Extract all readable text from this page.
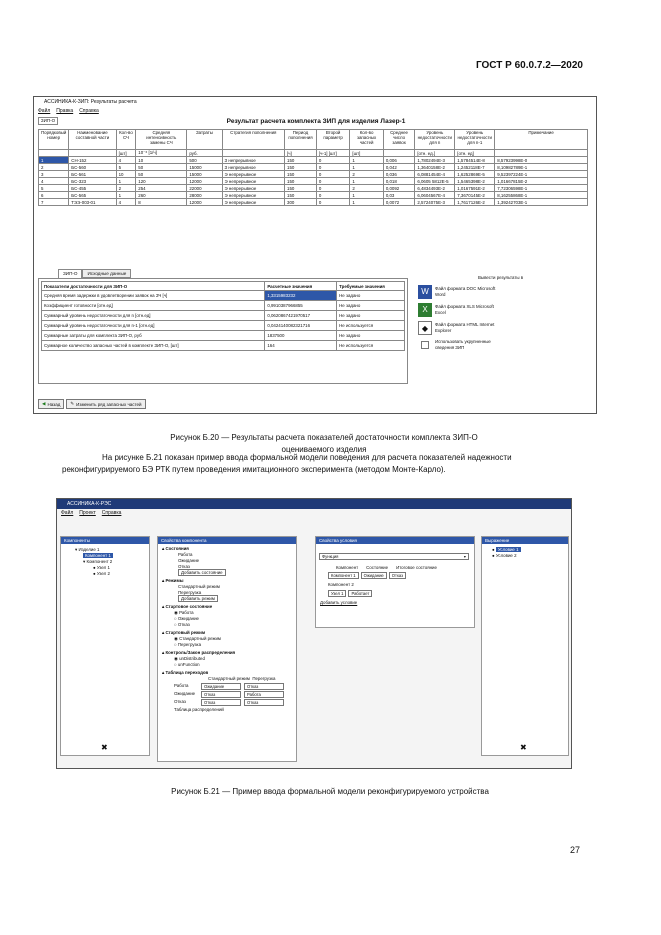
ГОСТ Р 60.0.7.2—2020
АССИНИКА-К-ЗИП: Результаты расчета
Файл Правка Справка
ЗИП-О	Результат расчета комплекта ЗИП для изделия Лазер-1
Порядковый номер	Наименование составной части	Кол-во СЧ	Средняя интенсивность замены СЧ	Затраты	Стратегия пополнения	Период пополнения	Второй параметр	Кол-во запасных частей	Среднее число заявок	Уровень недостаточности для n	Уровень недостаточности для n-1	Примечание
		[шт]	10⁻⁶ [1/ч]	руб.		[ч]	[ч-1] [шт]	[шт]		[отн. ед.]	[отн. ед]	
1	СН-152	4	10	500	З непрерывное	150	0	1	0,006	1,7802494E-3	1,5784514E-8	8,57923998E-0
2	БС-560	5	50	15000	З непрерывное	150	0	1	0,042	1,3640158E-2	1,2452118E-7	8,10982789E-1
3	БС-561	10	50	15000	Э непрерывное	150	0	2	0,036	6,0881454E-4	1,6252869E-5	9,52397224E-1
4	БС-323	1	120	12000	Э непрерывное	150	0	1	0,018	6,0605 5812E-5	1,5465398E-2	1,01667815E-2
5	БС-455	2	254	22000	Э непрерывное	150	0	2	0,0092	6,4834493E-2	1,0167591E-2	7,72306598E-1
6	БС-565	1	260	28000	Э непрерывное	150	0	1	0,03	6,0604567E-4	7,3670145E-2	8,16255868E-1
7	ТЭЭ-003-01	4	8	12000	Э непрерывное	300	0	1	0,0072	2,5724075E-3	1,7617126E-2	1,39242703E-1
ЗИП-О	Исходные данные
Показатели достаточности для ЗИП-О	Расчетные значения	Требуемые значения
Средняя время задержки в удовлетворении заявок на ЗЧ [ч]	1,3315983232	Не задано
Коэффициент готовности [отн.ед]	0,9910387966855	Не задано
Суммарный уровень недостаточности для n [отн.ед]	0,0620867421970517	Не задано
Суммарный уровень недостаточности для n-1 [отн.ед]	0,0424140082321716	Не используется
Суммарные затраты для комплекта ЗИП-О, руб	1837500	Не задано
Суммарное количество запасных частей в комплекте ЗИП-О, [шт]	164	Не используется
Вывести результаты в
W	Файл формата DOC Microsoft Word
X	Файл формата XLS Microsoft Excel
◆	Файл формата HTML Internet Explorer
Использовать укрупненные сведения ЗИП
◀ Назад ✎ Изменить ряд запасных частей
Рисунок Б.20 — Результаты расчета показателей достаточности комплекта ЗИП-О оцениваемого изделия
На рисунке Б.21 показан пример ввода формальной модели поведения для расчета показателей надежности реконфигурируемого БЭ РТК путем проведения имитационного эксперимента (методом Монте-Карло).
АССИНИКА-К-РЭС
Файл Проект Справка
Компоненты
▾ Изделие 1
Компонент 1
▾ Компонент 2
● Узел 1
● Узел 2
✖
Свойства компонента
▴ Состояния
Работа
Ожидание
Отказ
Добавить состояние
▴ Режимы
Стандартный режим
Перегрузка
Добавить режим
▴ Стартовое состояние
◉ Работа
○ Ожидание
○ Отказ
▴ Стартовый режим
◉ Стандартный режим
○ Перегрузка
▴ Контроль/Закон распределения
◉ unDistributed
○ unFunction
▴ Таблица переходов
Стандартный режим Перегрузка
Работа	Ожидание	Отказ
Ожидание	Отказ	Работа
Отказ	Отказ	Отказ
Таблица распределений
Свойства условия
Функция	▾
Компонент Состояние Итоговое состояние
Компонент 1	Ожидание	Отказ
Компонент 2
Узел 1	Работает
Добавить условие
Выражение
● Условие 1
● Условие 2
✖
Рисунок Б.21 — Пример ввода формальной модели реконфигурируемого устройства
27
